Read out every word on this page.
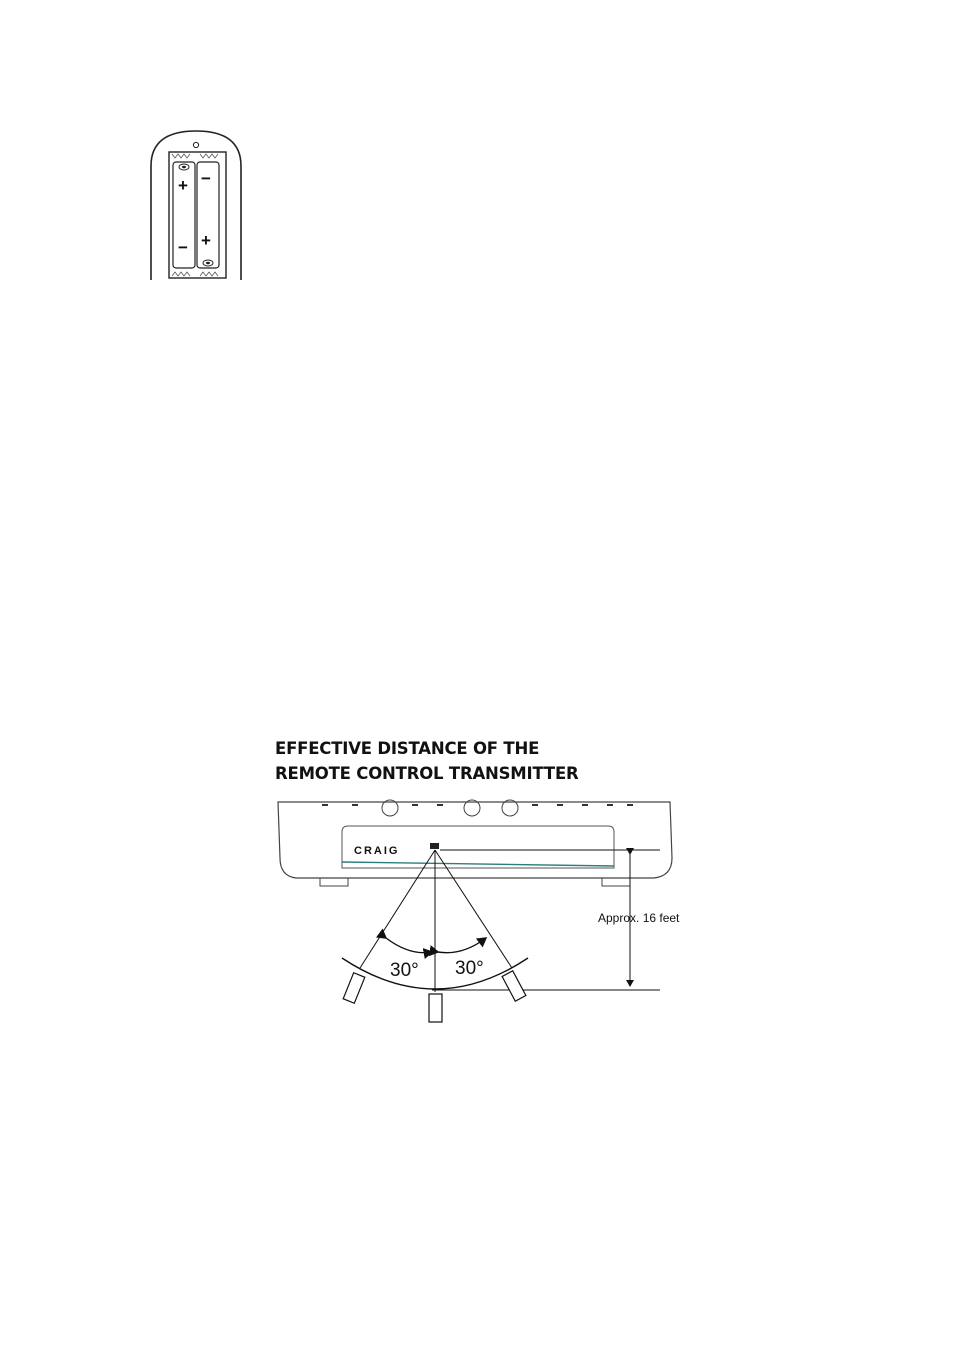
+
−
−
+
EFFECTIVE DISTANCE OF THE
REMOTE CONTROL TRANSMITTER
CRAIG
Approx. 16 feet
30° 30°
